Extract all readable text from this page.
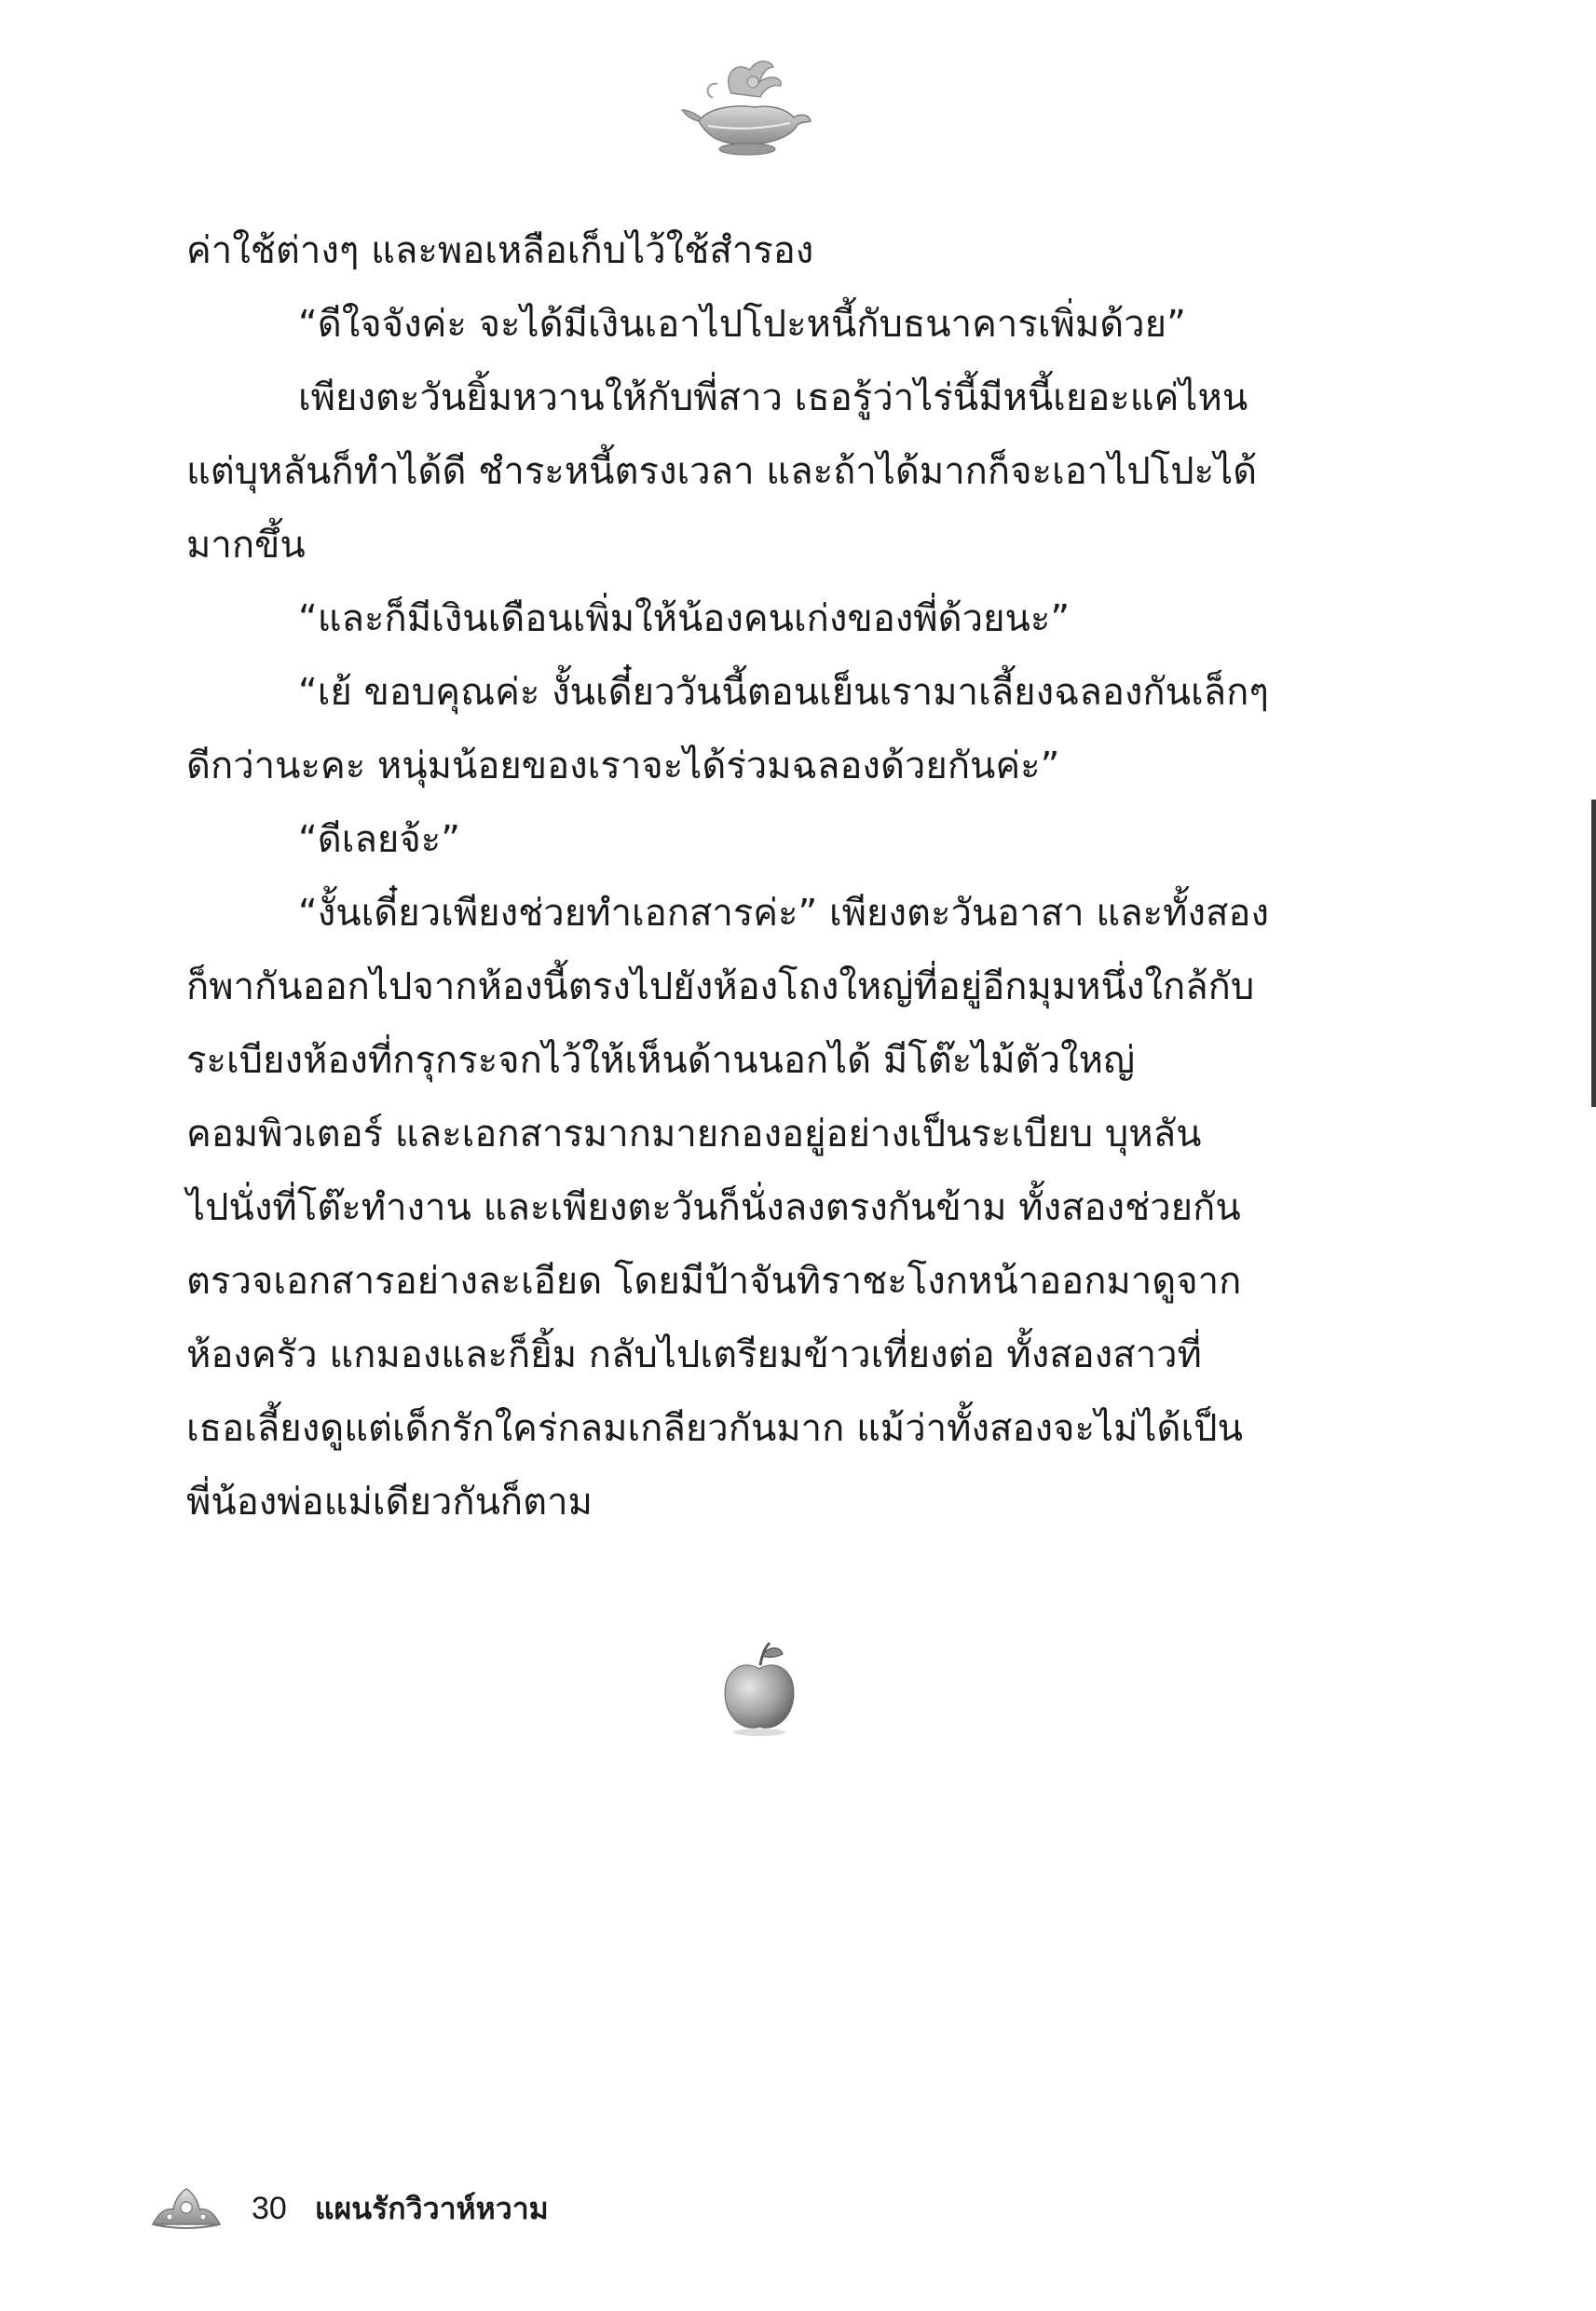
ค่าใช้ต่างๆ และพอเหลือเก็บไว้ใช้สำรอง
“ดีใจจังค่ะ จะได้มีเงินเอาไปโปะหนี้กับธนาคารเพิ่มด้วย”
เพียงตะวันยิ้มหวานให้กับพี่สาว เธอรู้ว่าไร่นี้มีหนี้เยอะแค่ไหน
แต่บุหลันก็ทำได้ดี ชำระหนี้ตรงเวลา และถ้าได้มากก็จะเอาไปโปะได้
มากขึ้น
“และก็มีเงินเดือนเพิ่มให้น้องคนเก่งของพี่ด้วยนะ”
“เย้ ขอบคุณค่ะ งั้นเดี๋ยววันนี้ตอนเย็นเรามาเลี้ยงฉลองกันเล็กๆ
ดีกว่านะคะ หนุ่มน้อยของเราจะได้ร่วมฉลองด้วยกันค่ะ”
“ดีเลยจ้ะ”
“งั้นเดี๋ยวเพียงช่วยทำเอกสารค่ะ” เพียงตะวันอาสา และทั้งสอง
ก็พากันออกไปจากห้องนี้ตรงไปยังห้องโถงใหญ่ที่อยู่อีกมุมหนึ่งใกล้กับ
ระเบียงห้องที่กรุกระจกไว้ให้เห็นด้านนอกได้ มีโต๊ะไม้ตัวใหญ่
คอมพิวเตอร์ และเอกสารมากมายกองอยู่อย่างเป็นระเบียบ บุหลัน
ไปนั่งที่โต๊ะทำงาน และเพียงตะวันก็นั่งลงตรงกันข้าม ทั้งสองช่วยกัน
ตรวจเอกสารอย่างละเอียด โดยมีป้าจันทิราชะโงกหน้าออกมาดูจาก
ห้องครัว แกมองและก็ยิ้ม กลับไปเตรียมข้าวเที่ยงต่อ ทั้งสองสาวที่
เธอเลี้ยงดูแต่เด็กรักใคร่กลมเกลียวกันมาก แม้ว่าทั้งสองจะไม่ได้เป็น
พี่น้องพ่อแม่เดียวกันก็ตาม
30 แผนรักวิวาห์หวาม
